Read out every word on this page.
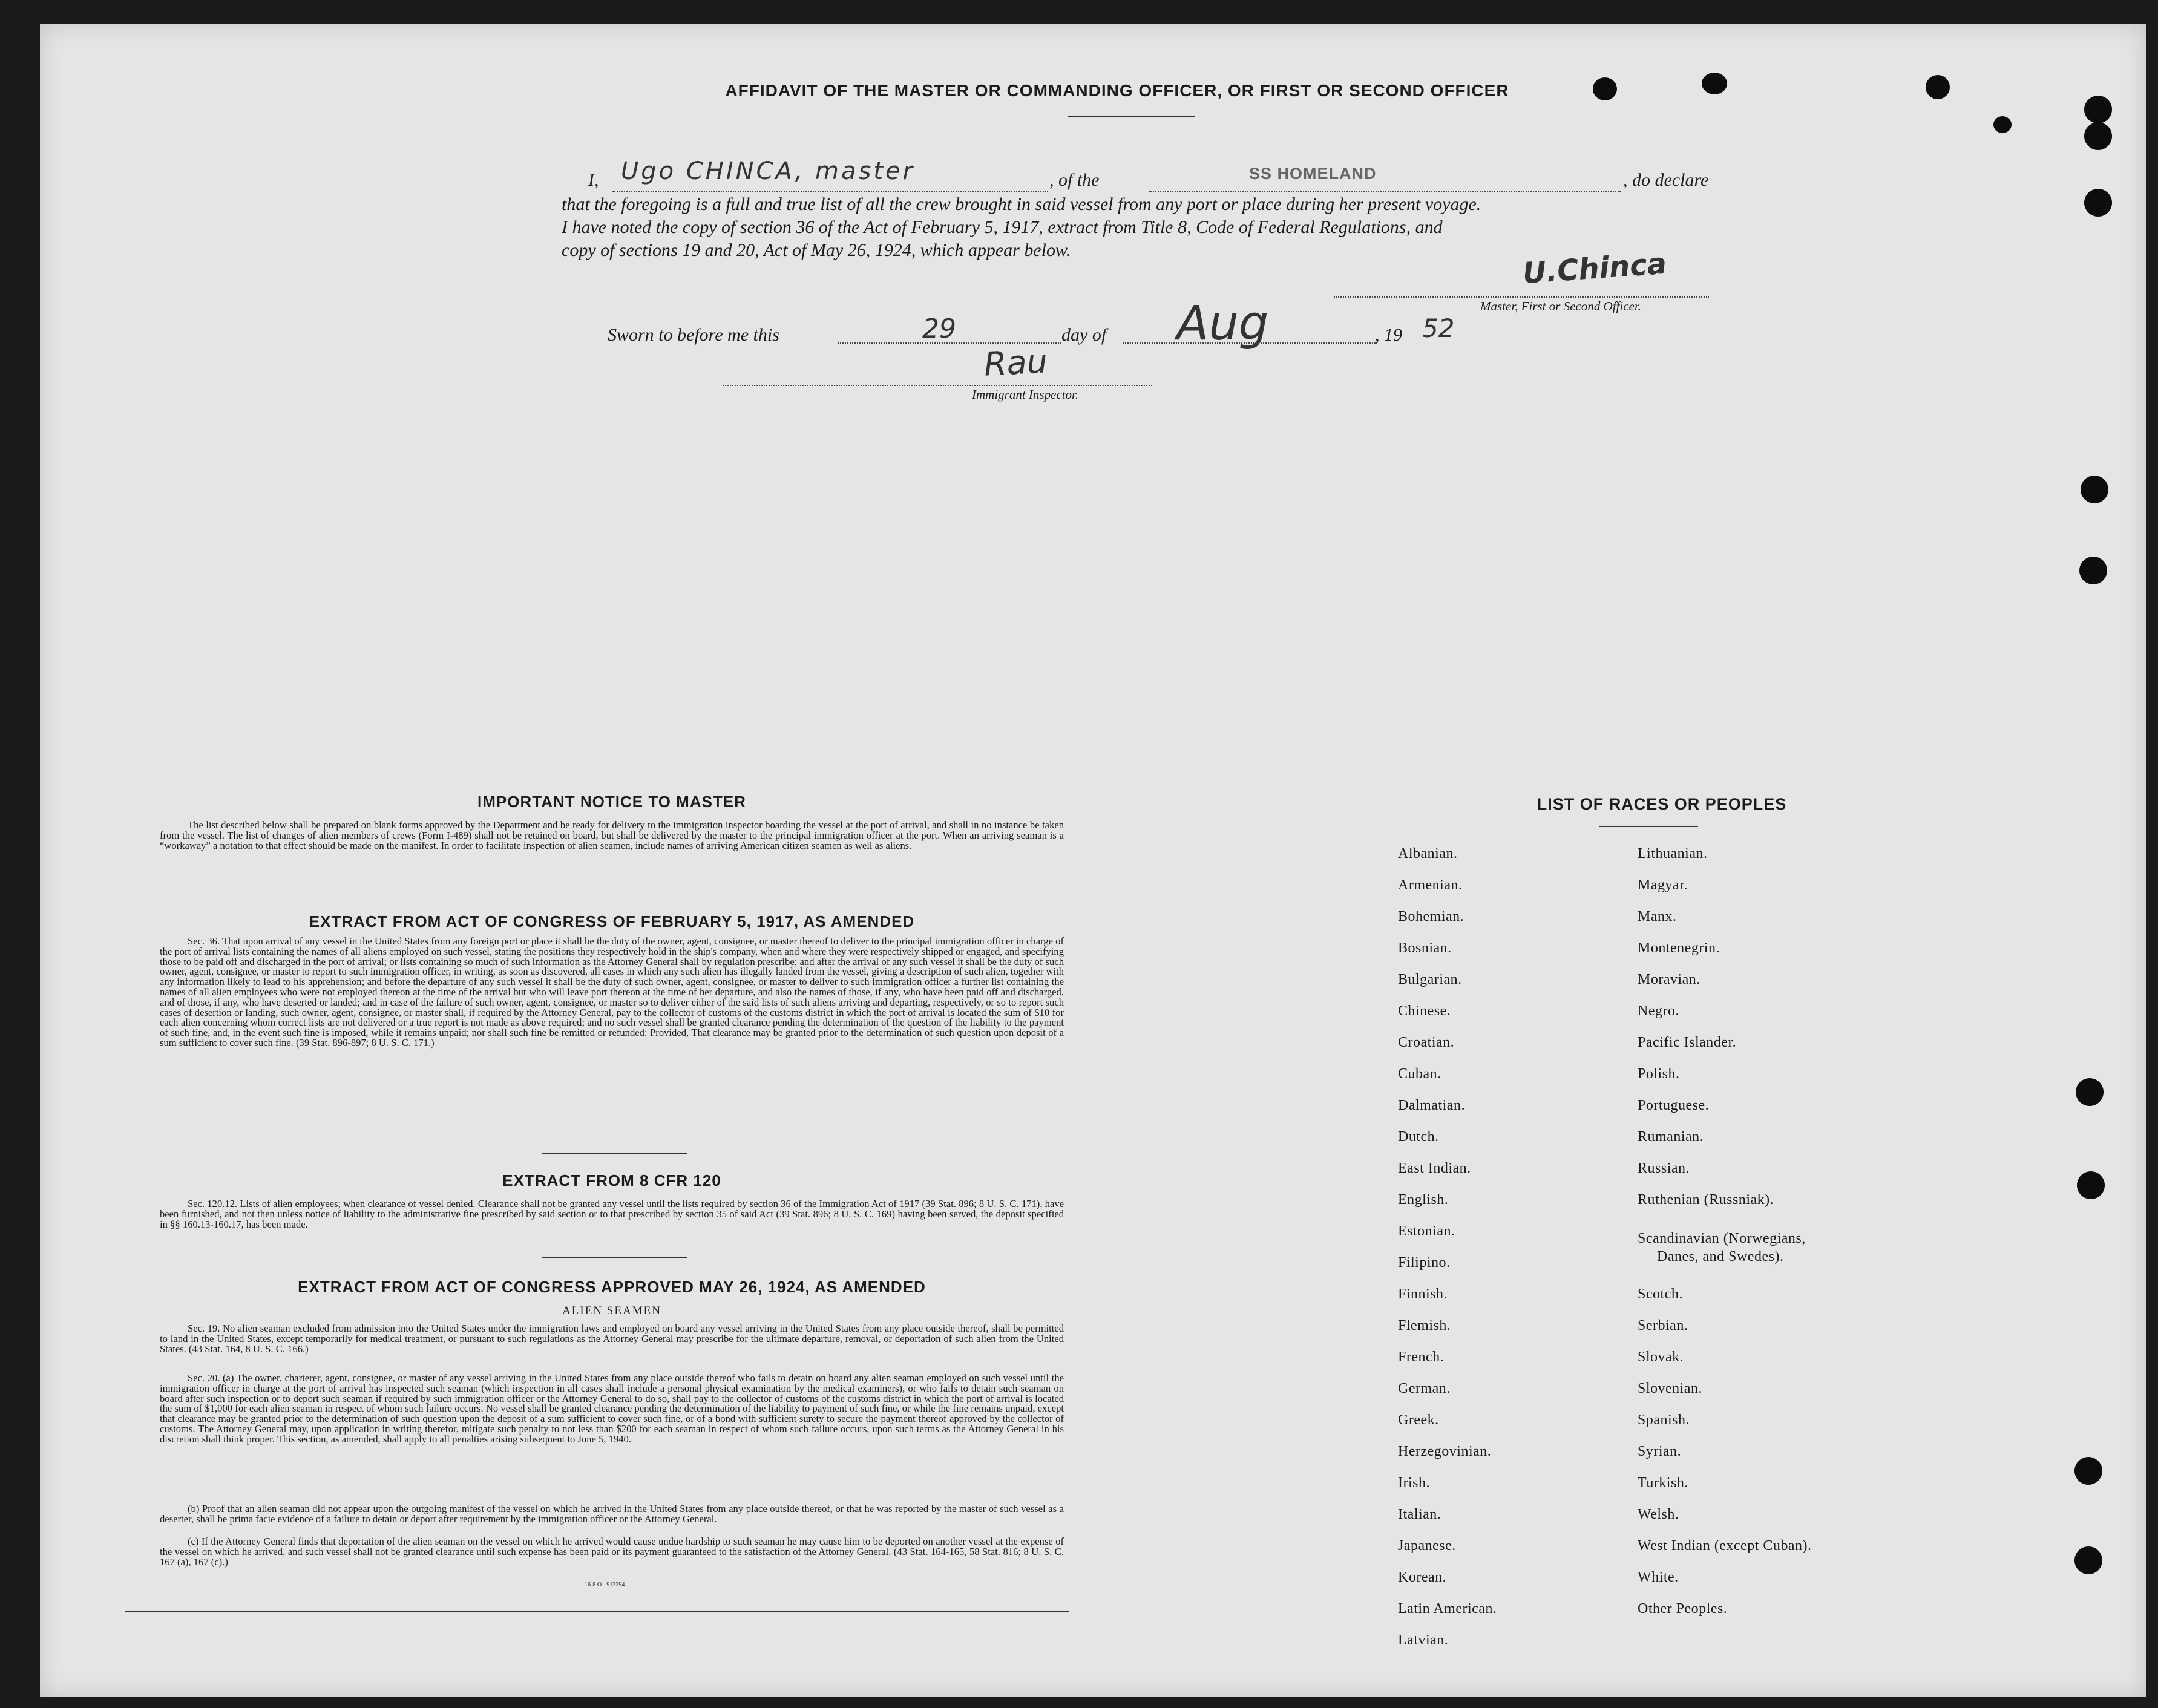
AFFIDAVIT OF THE MASTER OR COMMANDING OFFICER, OR FIRST OR SECOND OFFICER
I, Ugo CHINCA, master	, of the	SS HOMELAND	, do declare
that the foregoing is a full and true list of all the crew brought in said vessel from any port or place during her present voyage.
I have noted the copy of section 36 of the Act of February 5, 1917, extract from Title 8, Code of Federal Regulations, and
copy of sections 19 and 20, Act of May 26, 1924, which appear below.	U.Chinca
Master, First or Second Officer.
Sworn to before me this	29	day of Aug	, 19 52
Rau
Immigrant Inspector.
IMPORTANT NOTICE TO MASTER

The list described below shall be prepared on blank forms approved by the Department and be ready for delivery to the immigration inspector boarding the vessel at the port of arrival, and shall in no instance be taken from the vessel. The list of changes of alien members of crews (Form I-489) shall not be retained on board, but shall be delivered by the master to the principal immigration officer at the port. When an arriving seaman is a “workaway” a notation to that effect should be made on the manifest. In order to facilitate inspection of alien seamen, include names of arriving American citizen seamen as well as aliens.

EXTRACT FROM ACT OF CONGRESS OF FEBRUARY 5, 1917, AS AMENDED

Sec. 36. That upon arrival of any vessel in the United States from any foreign port or place it shall be the duty of the owner, agent, consignee, or master thereof to deliver to the principal immigration officer in charge of the port of arrival lists containing the names of all aliens employed on such vessel, stating the positions they respectively hold in the ship's company, when and where they were respectively shipped or engaged, and specifying those to be paid off and discharged in the port of arrival; or lists containing so much of such information as the Attorney General shall by regulation prescribe; and after the arrival of any such vessel it shall be the duty of such owner, agent, consignee, or master to report to such immigration officer, in writing, as soon as discovered, all cases in which any such alien has illegally landed from the vessel, giving a description of such alien, together with any information likely to lead to his apprehension; and before the departure of any such vessel it shall be the duty of such owner, agent, consignee, or master to deliver to such immigration officer a further list containing the names of all alien employees who were not employed thereon at the time of the arrival but who will leave port thereon at the time of her departure, and also the names of those, if any, who have been paid off and discharged, and of those, if any, who have deserted or landed; and in case of the failure of such owner, agent, consignee, or master so to deliver either of the said lists of such aliens arriving and departing, respectively, or so to report such cases of desertion or landing, such owner, agent, consignee, or master shall, if required by the Attorney General, pay to the collector of customs of the customs district in which the port of arrival is located the sum of $10 for each alien concerning whom correct lists are not delivered or a true report is not made as above required; and no such vessel shall be granted clearance pending the determination of the question of the liability to the payment of such fine, and, in the event such fine is imposed, while it remains unpaid; nor shall such fine be remitted or refunded: Provided, That clearance may be granted prior to the determination of such question upon deposit of a sum sufficient to cover such fine. (39 Stat. 896-897; 8 U. S. C. 171.)

EXTRACT FROM 8 CFR 120

Sec. 120.12. Lists of alien employees; when clearance of vessel denied. Clearance shall not be granted any vessel until the lists required by section 36 of the Immigration Act of 1917 (39 Stat. 896; 8 U. S. C. 171), have been furnished, and not then unless notice of liability to the administrative fine prescribed by said section or to that prescribed by section 35 of said Act (39 Stat. 896; 8 U. S. C. 169) having been served, the deposit specified in §§ 160.13-160.17, has been made.

EXTRACT FROM ACT OF CONGRESS APPROVED MAY 26, 1924, AS AMENDED
ALIEN SEAMEN

Sec. 19. No alien seaman excluded from admission into the United States under the immigration laws and employed on board any vessel arriving in the United States from any place outside thereof, shall be permitted to land in the United States, except temporarily for medical treatment, or pursuant to such regulations as the Attorney General may prescribe for the ultimate departure, removal, or deportation of such alien from the United States. (43 Stat. 164, 8 U. S. C. 166.)

Sec. 20. (a) The owner, charterer, agent, consignee, or master of any vessel arriving in the United States from any place outside thereof who fails to detain on board any alien seaman employed on such vessel until the immigration officer in charge at the port of arrival has inspected such seaman (which inspection in all cases shall include a personal physical examination by the medical examiners), or who fails to detain such seaman on board after such inspection or to deport such seaman if required by such immigration officer or the Attorney General to do so, shall pay to the collector of customs of the customs district in which the port of arrival is located the sum of $1,000 for each alien seaman in respect of whom such failure occurs. No vessel shall be granted clearance pending the determination of the liability to payment of such fine, or while the fine remains unpaid, except that clearance may be granted prior to the determination of such question upon the deposit of a sum sufficient to cover such fine, or of a bond with sufficient surety to secure the payment thereof approved by the collector of customs. The Attorney General may, upon application in writing therefor, mitigate such penalty to not less than $200 for each seaman in respect of whom such failure occurs, upon such terms as the Attorney General in his discretion shall think proper. This section, as amended, shall apply to all penalties arising subsequent to June 5, 1940.

(b) Proof that an alien seaman did not appear upon the outgoing manifest of the vessel on which he arrived in the United States from any place outside thereof, or that he was reported by the master of such vessel as a deserter, shall be prima facie evidence of a failure to detain or deport after requirement by the immigration officer or the Attorney General.

(c) If the Attorney General finds that deportation of the alien seaman on the vessel on which he arrived would cause undue hardship to such seaman he may cause him to be deported on another vessel at the expense of the vessel on which he arrived, and such vessel shall not be granted clearance until such expense has been paid or its payment guaranteed to the satisfaction of the Attorney General. (43 Stat. 164-165, 58 Stat. 816; 8 U. S. C. 167 (a), 167 (c).)

16-8 O - 913294
LIST OF RACES OR PEOPLES
Albanian.
Armenian.
Bohemian.
Bosnian.
Bulgarian.
Chinese.
Croatian.
Cuban.
Dalmatian.
Dutch.
East Indian.
English.
Estonian.
Filipino.
Finnish.
Flemish.
French.
German.
Greek.
Herzegovinian.
Irish.
Italian.
Japanese.
Korean.
Latin American.
Latvian.
Lithuanian.
Magyar.
Manx.
Montenegrin.
Moravian.
Negro.
Pacific Islander.
Polish.
Portuguese.
Rumanian.
Russian.
Ruthenian (Russniak).
Scandinavian (Norwegians,
Danes, and Swedes).
Scotch.
Serbian.
Slovak.
Slovenian.
Spanish.
Syrian.
Turkish.
Welsh.
West Indian (except Cuban).
White.
Other Peoples.
